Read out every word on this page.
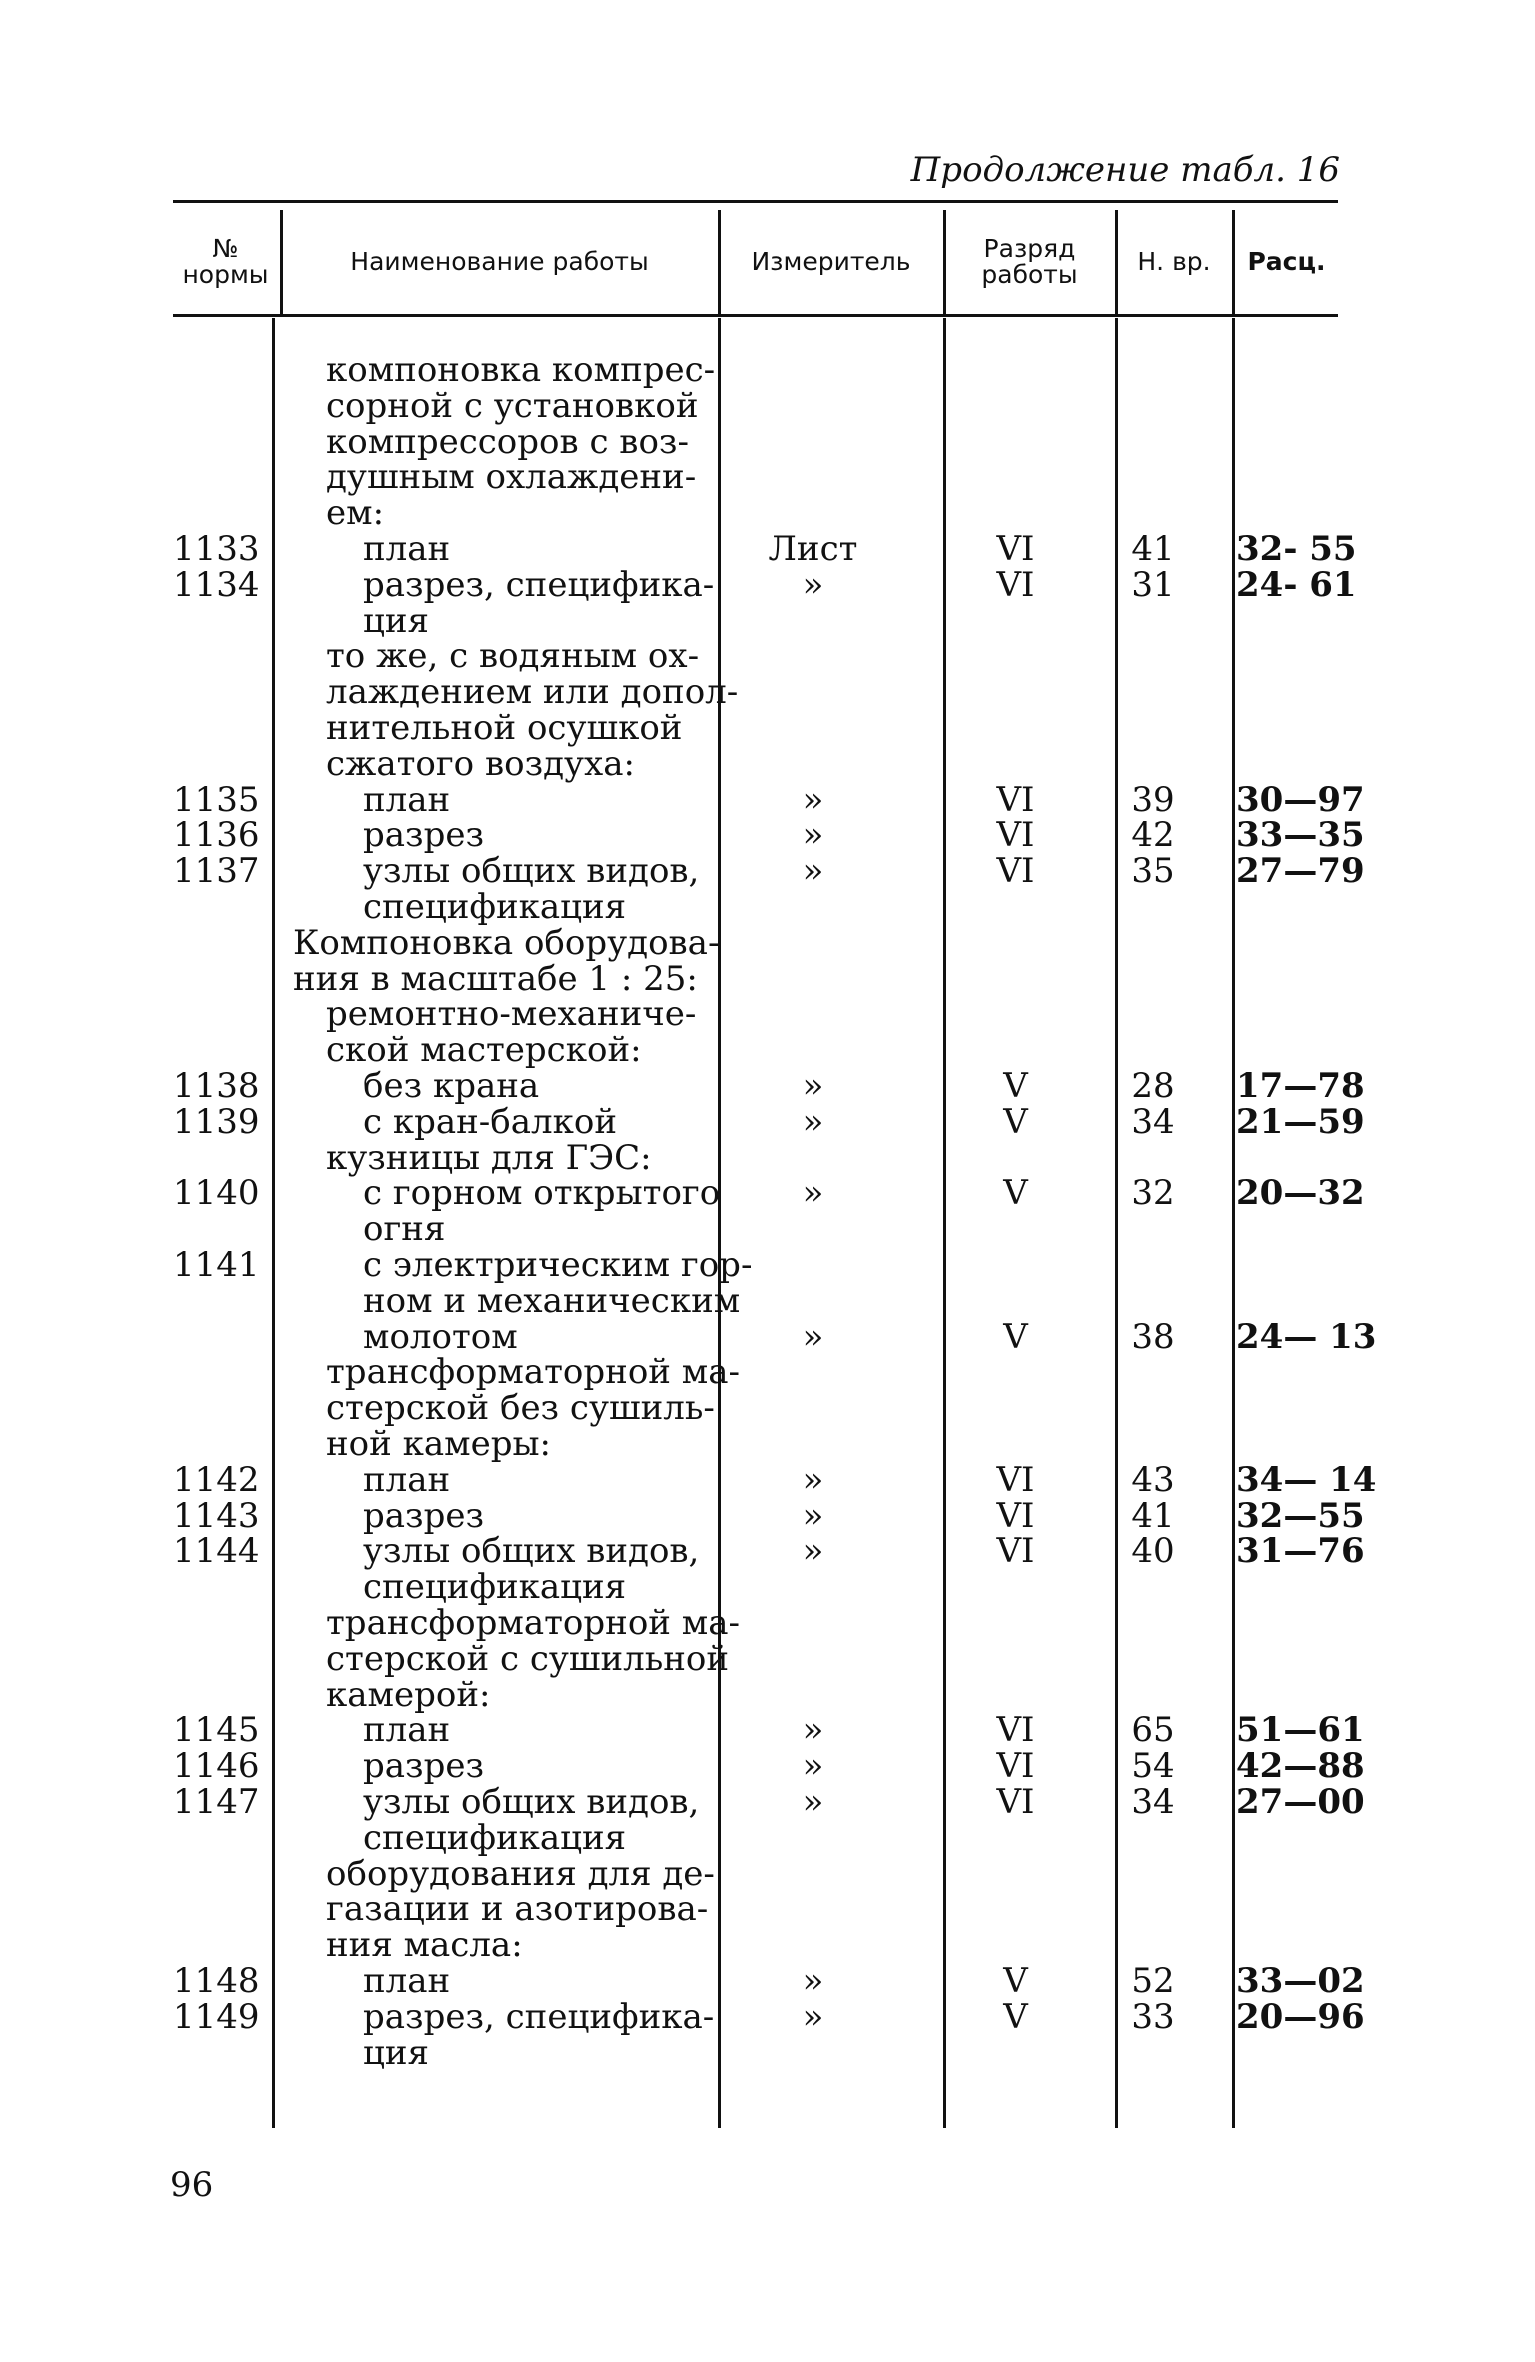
Продолжение табл. 16
№ нормы	Наименование работы	Измеритель	Разряд работы	Н. вр.	Расц.
компоновка компрес-
сорной с установкой
компрессоров с воз-
душным охлаждени-
ем:
1133	план	Лист	VI	41	32- 55
1134	разрез, специфика-	»	VI	31	24- 61
ция
то же, с водяным ох-
лаждением или допол-
нительной осушкой
сжатого воздуха:
1135	план	»	VI	39	30—97
1136	разрез	»	VI	42	33—35
1137	узлы общих видов,	»	VI	35	27—79
спецификация
Компоновка оборудова-
ния в масштабе 1 : 25:
ремонтно-механиче-
ской мастерской:
1138	без крана	»	V	28	17—78
1139	с кран-балкой	»	V	34	21—59
кузницы для ГЭС:
1140	с горном открытого	»	V	32	20—32
огня
1141	с электрическим гор-
ном и механическим
молотом	»	V	38	24— 13
трансформаторной ма-
стерской без сушиль-
ной камеры:
1142	план	»	VI	43	34— 14
1143	разрез	»	VI	41	32—55
1144	узлы общих видов,	»	VI	40	31—76
спецификация
трансформаторной ма-
стерской с сушильной
камерой:
1145	план	»	VI	65	51—61
1146	разрез	»	VI	54	42—88
1147	узлы общих видов,	»	VI	34	27—00
спецификация
оборудования для де-
газации и азотирова-
ния масла:
1148	план	»	V	52	33—02
1149	разрез, специфика-	»	V	33	20—96
ция
96
